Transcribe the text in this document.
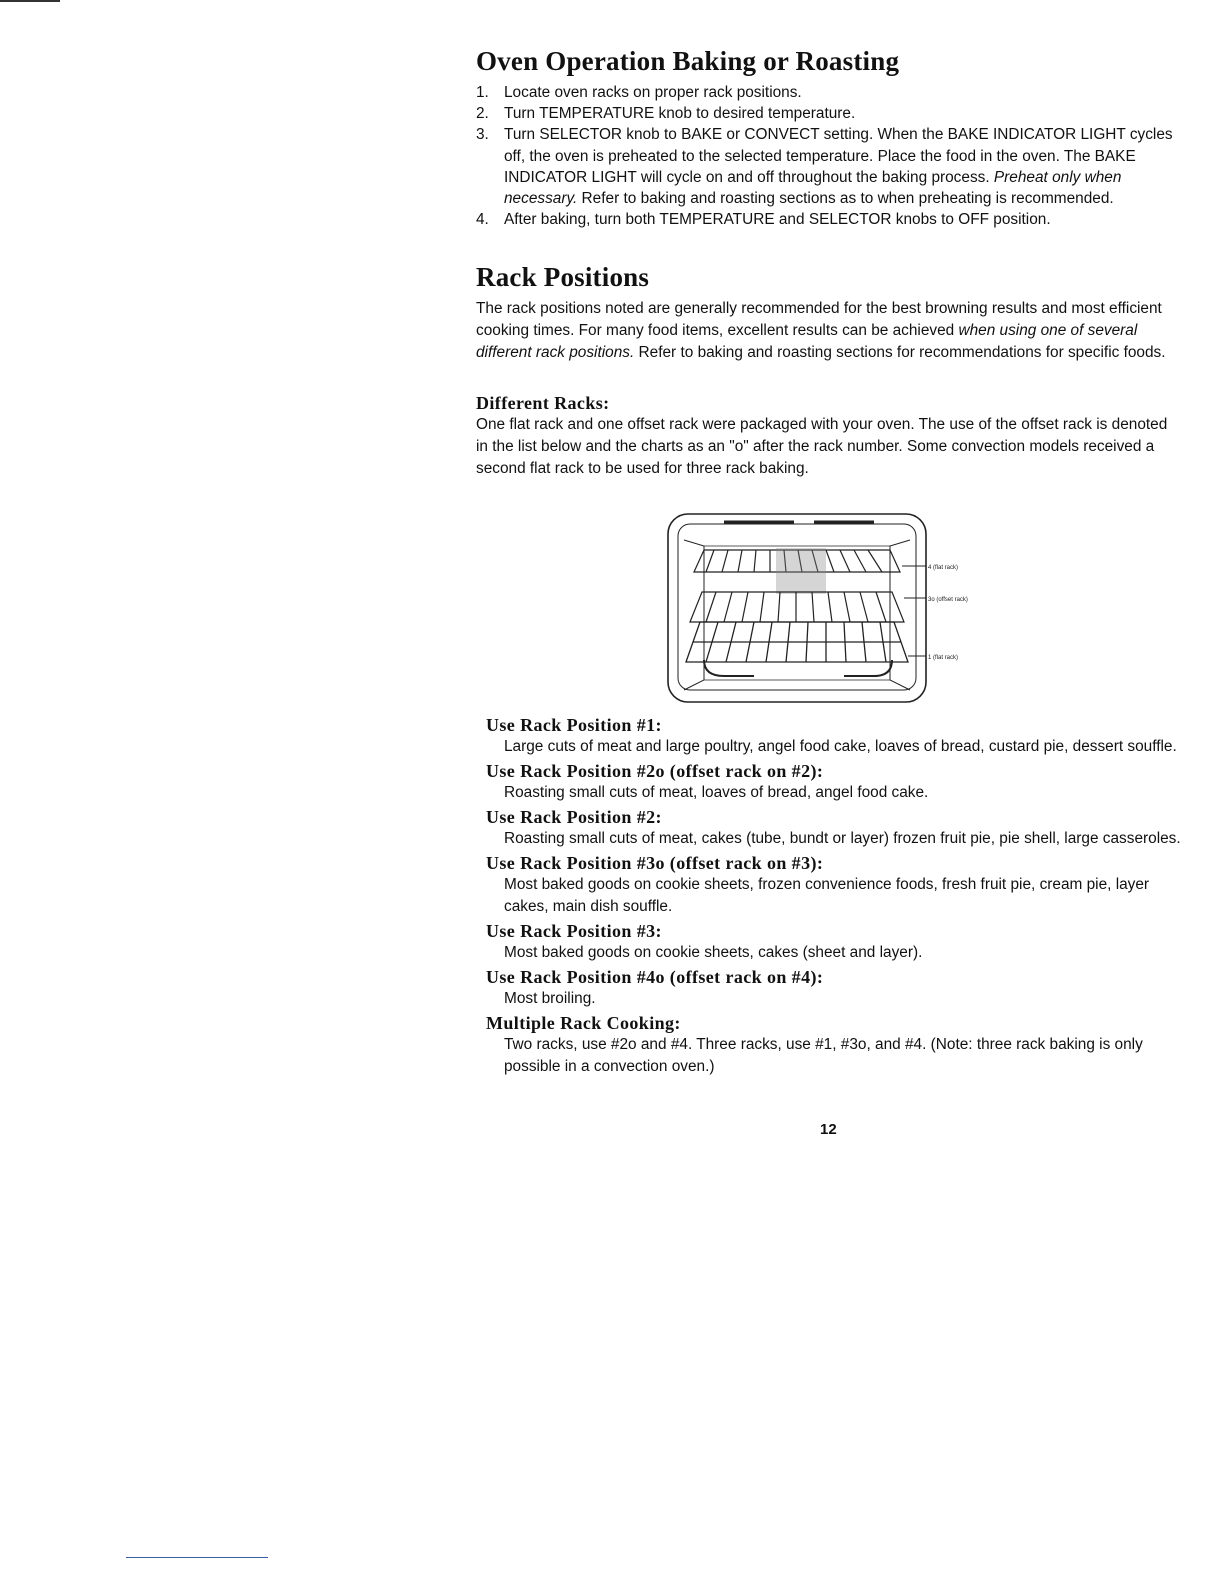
Oven Operation Baking or Roasting
1. Locate oven racks on proper rack positions.
2. Turn TEMPERATURE knob to desired temperature.
3. Turn SELECTOR knob to BAKE or CONVECT setting. When the BAKE INDICATOR LIGHT cycles off, the oven is preheated to the selected temperature. Place the food in the oven. The BAKE INDICATOR LIGHT will cycle on and off throughout the baking process. Preheat only when necessary. Refer to baking and roasting sections as to when preheating is recommended.
4. After baking, turn both TEMPERATURE and SELECTOR knobs to OFF position.
Rack Positions

The rack positions noted are generally recommended for the best browning results and most efficient cooking times. For many food items, excellent results can be achieved when using one of several different rack positions. Refer to baking and roasting sections for recommendations for specific foods.

Different Racks:

One flat rack and one offset rack were packaged with your oven. The use of the offset rack is denoted in the list below and the charts as an "o" after the rack number. Some convection models received a second flat rack to be used for three rack baking.

4 (flat rack)
3o (offset rack)
1 (flat rack)
Use Rack Position #1:

Large cuts of meat and large poultry, angel food cake, loaves of bread, custard pie, dessert souffle.

Use Rack Position #2o (offset rack on #2):

Roasting small cuts of meat, loaves of bread, angel food cake.

Use Rack Position #2:

Roasting small cuts of meat, cakes (tube, bundt or layer) frozen fruit pie, pie shell, large casseroles.

Use Rack Position #3o (offset rack on #3):

Most baked goods on cookie sheets, frozen convenience foods, fresh fruit pie, cream pie, layer cakes, main dish souffle.

Use Rack Position #3:

Most baked goods on cookie sheets, cakes (sheet and layer).

Use Rack Position #4o (offset rack on #4):

Most broiling.

Multiple Rack Cooking:

Two racks, use #2o and #4. Three racks, use #1, #3o, and #4. (Note: three rack baking is only possible in a convection oven.)

12
